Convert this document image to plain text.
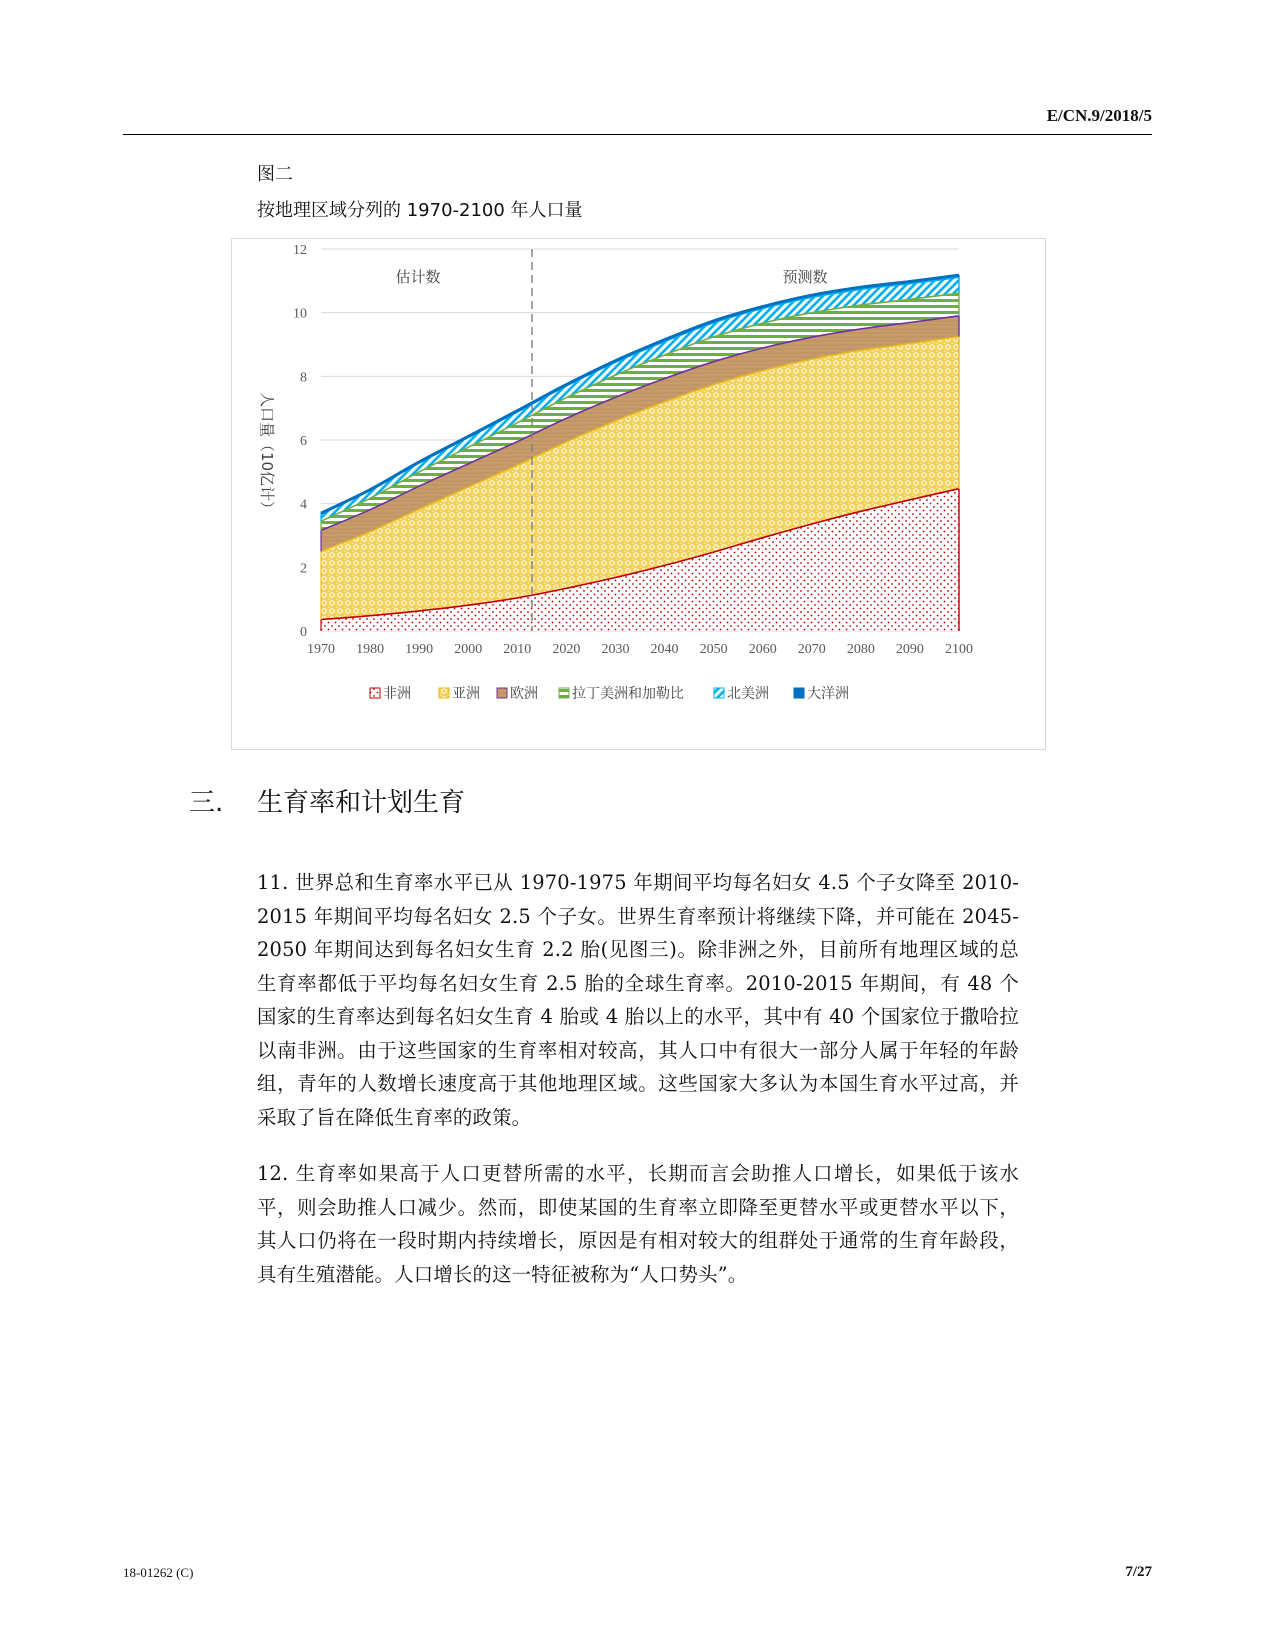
E/CN.9/2018/5
图二
按地理区域分列的 1970-2100 年人口量
0
2
4
6
8
10
12
1970 1980 1990 2000 2010 2020 2030 2040 2050 2060 2070 2080 2090 2100
估计数	预测数
人口量（10亿计）
非洲	亚洲 欧洲 拉丁美洲和加勒比	北美洲	大洋洲
三.	生育率和计划生育

11. 世界总和生育率水平已从 1970-1975 年期间平均每名妇女 4.5 个子女降至 2010-2015 年期间平均每名妇女 2.5 个子女。世界生育率预计将继续下降，并可能在 2045-2050 年期间达到每名妇女生育 2.2 胎(见图三)。除非洲之外，目前所有地理区域的总生育率都低于平均每名妇女生育 2.5 胎的全球生育率。2010-2015 年期间，有 48 个国家的生育率达到每名妇女生育 4 胎或 4 胎以上的水平，其中有 40 个国家位于撒哈拉以南非洲。由于这些国家的生育率相对较高，其人口中有很大一部分人属于年轻的年龄组，青年的人数增长速度高于其他地理区域。这些国家大多认为本国生育水平过高，并采取了旨在降低生育率的政策。

12. 生育率如果高于人口更替所需的水平，长期而言会助推人口增长，如果低于该水平，则会助推人口减少。然而，即使某国的生育率立即降至更替水平或更替水平以下，其人口仍将在一段时期内持续增长，原因是有相对较大的组群处于通常的生育年龄段，具有生殖潜能。人口增长的这一特征被称为“人口势头”。

18-01262 (C)	7/27
